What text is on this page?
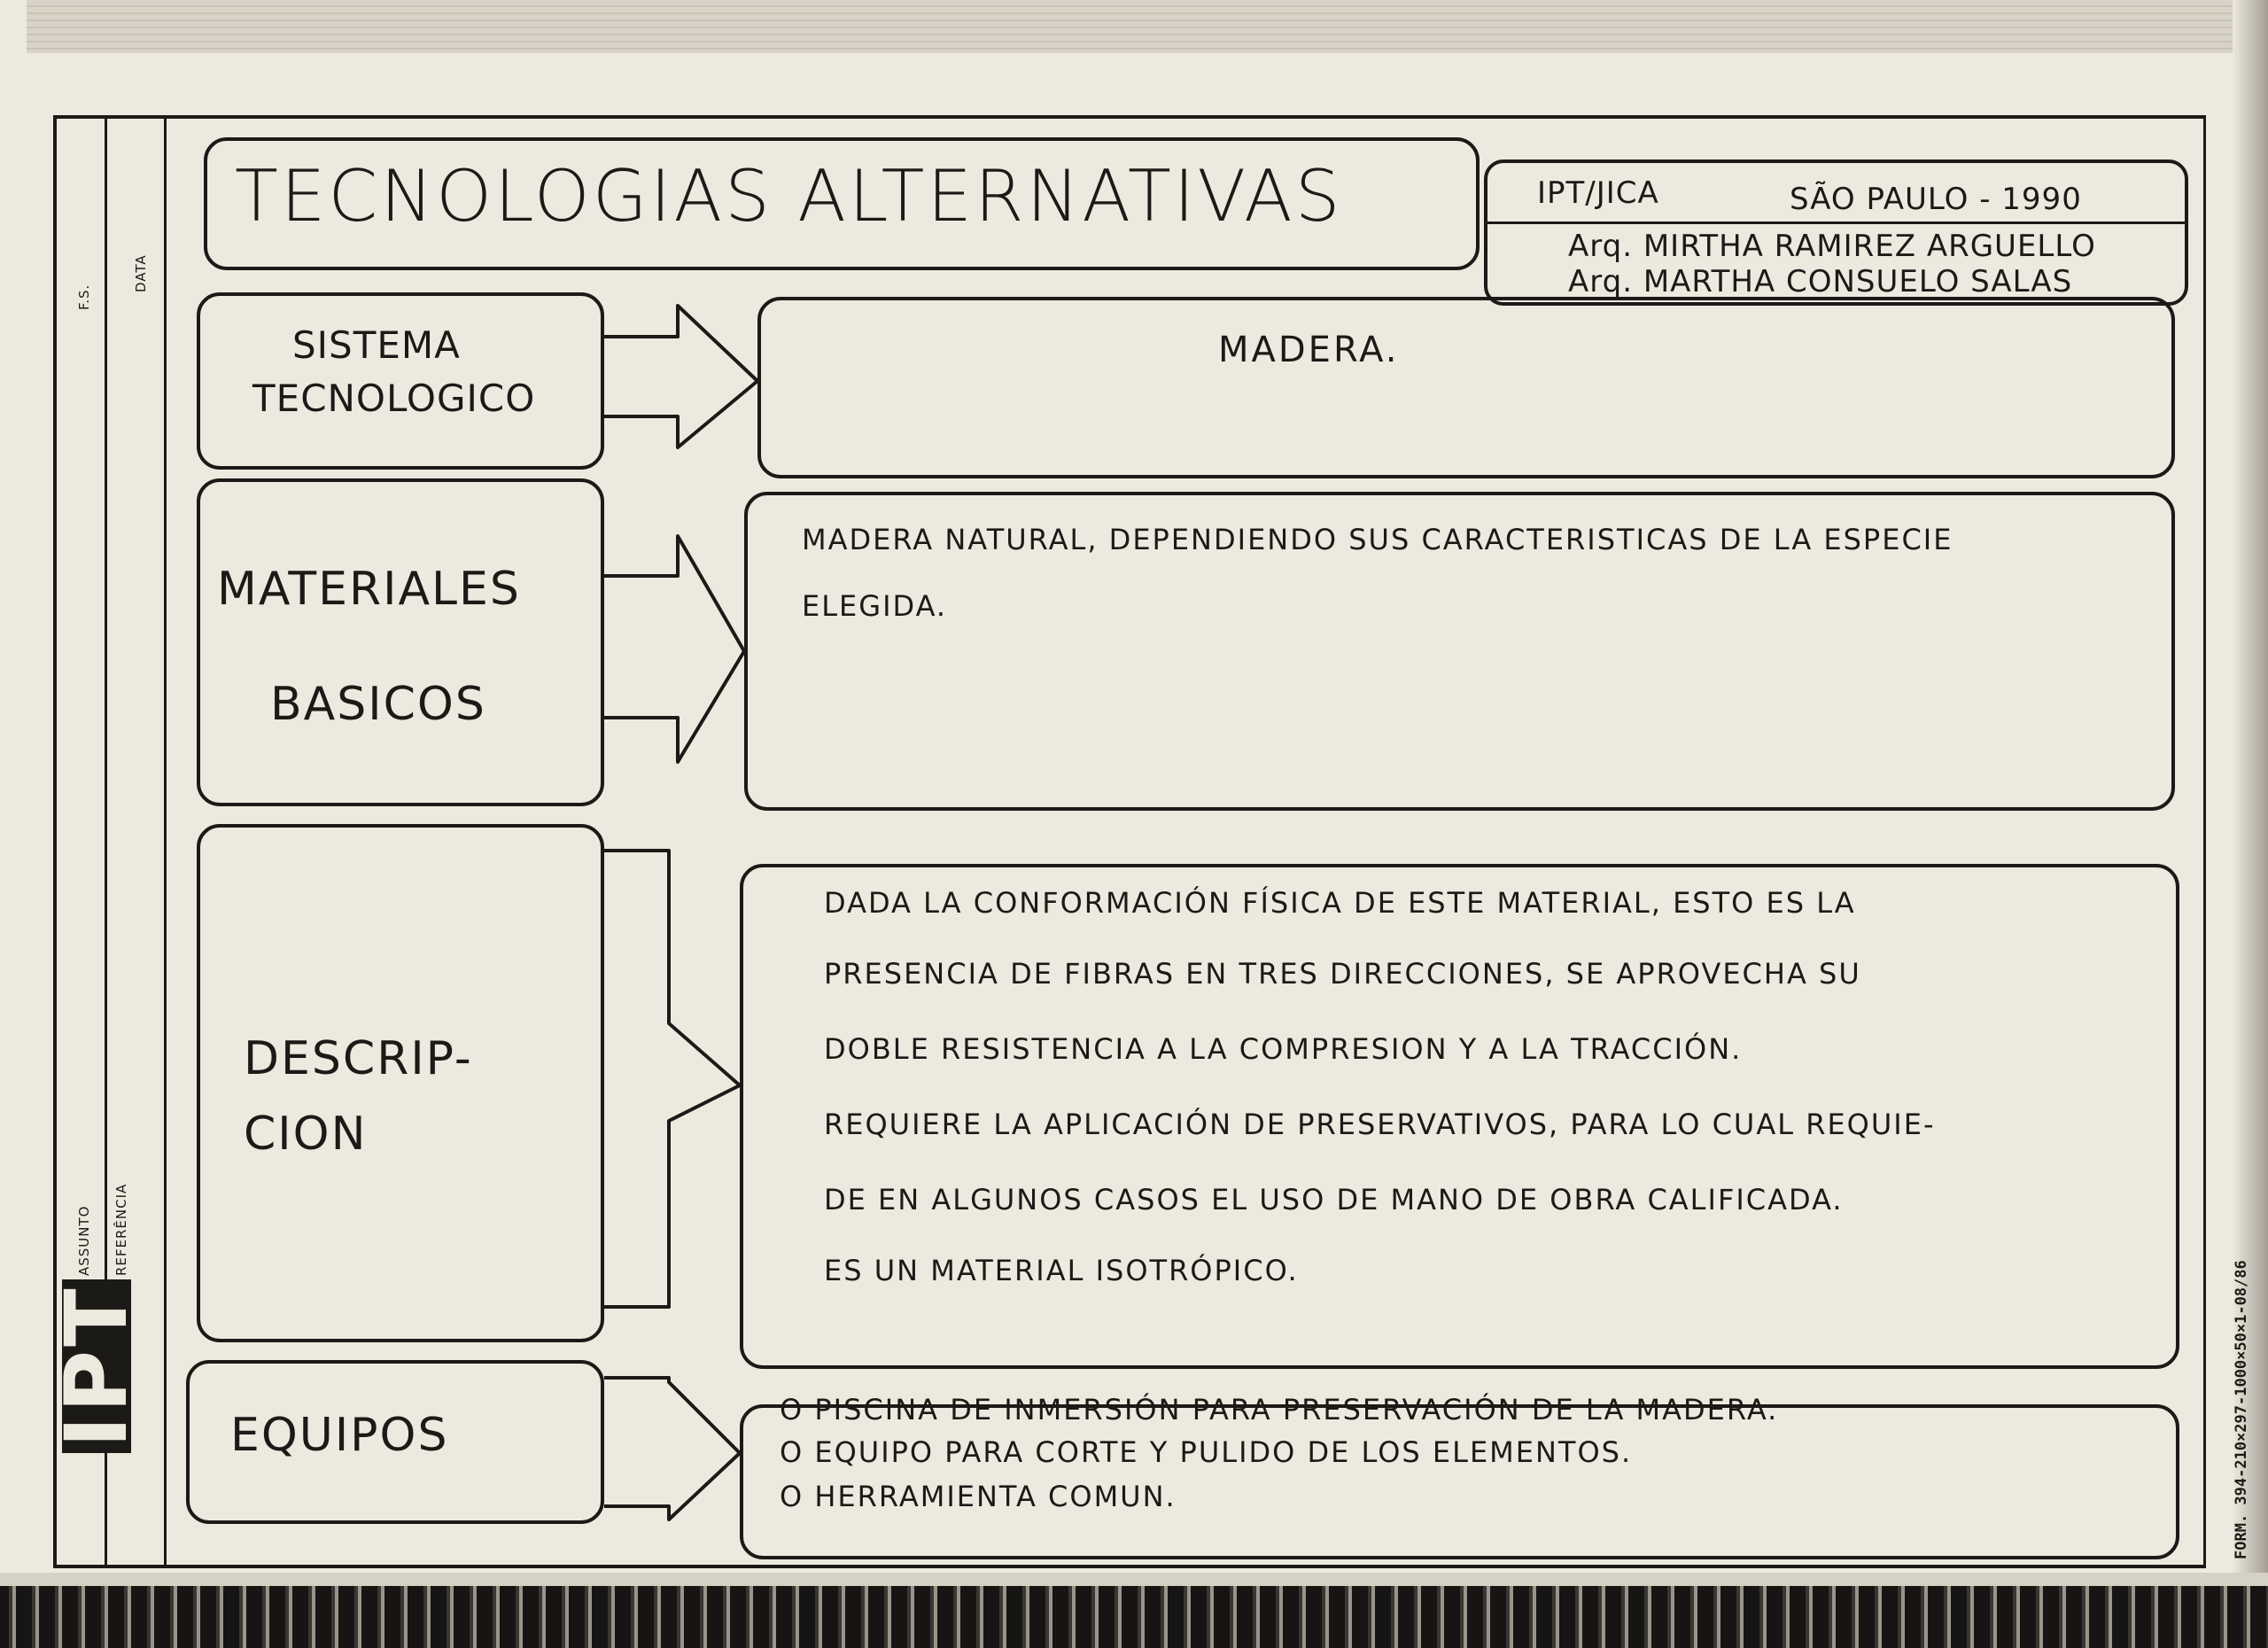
F.S.
DATA
ASSUNTO REFERÊNCIA
IPT
TECNOLOGIAS ALTERNATIVAS	IPT/JICA	SÃO PAULO - 1990
Arq. MIRTHA RAMIREZ ARGUELLO
Arq. MARTHA CONSUELO SALAS
SISTEMA
TECNOLOGICO
MADERA.
MATERIALES
BASICOS
MADERA NATURAL, DEPENDIENDO SUS CARACTERISTICAS DE LA ESPECIE
ELEGIDA.
DESCRIP-
CION
DADA LA CONFORMACIÓN FÍSICA DE ESTE MATERIAL, ESTO ES LA
PRESENCIA DE FIBRAS EN TRES DIRECCIONES, SE APROVECHA SU
DOBLE RESISTENCIA A LA COMPRESION Y A LA TRACCIÓN.
REQUIERE LA APLICACIÓN DE PRESERVATIVOS, PARA LO CUAL REQUIE-
DE EN ALGUNOS CASOS EL USO DE MANO DE OBRA CALIFICADA.
ES UN MATERIAL ISOTRÓPICO.
EQUIPOS	O PISCINA DE INMERSIÓN PARA PRESERVACIÓN DE LA MADERA.
O EQUIPO PARA CORTE Y PULIDO DE LOS ELEMENTOS.
O HERRAMIENTA COMUN.	FORM. 394-210×297-1000×50×1-08/86
